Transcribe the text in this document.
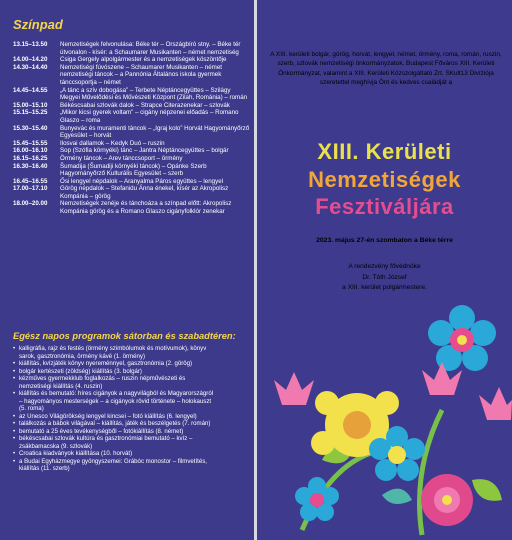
Színpad
13.15–13.50	Nemzetiségek felvonulása: Béke tér – Országbíró stny. – Béke tér útvonalon - kísér: a Schaumarer Musikanten – német nemzetiség
14.00–14.20	Csiga Gergely alpolgármester és a nemzetiségek köszöntője
14.30–14.40	Nemzetiségi fúvószene – Schaumarer Musikanten – német nemzetiségi táncok – a Pannónia Általános iskola gyermek tánccsoportja – német
14.45–14.55	„A tánc a szív dobogása” – Terbete Néptáncegyüttes – Szilágy Megyei Művelődési és Művészeti Központ (Zilah, Románia) – román
15.00–15.10	Békéscsabai szlovák dalok – Strapce Citerazenekar – szlovák
15.15–15.25	„Mikor kicsi gyerek voltam” – cigány népzenei előadás – Romano Glaszo – roma
15.30–15.40	Bunyevác és muramenti táncok – „Igraj kolo” Horvát Hagyományőrző Egyesület – horvát
15.45–15.55	Ilosvai dallamok – Kedyk Duó – ruszin
16.00–16.10	Sop (Szófia környéki) tánc – Jantra Néptáncegyüttes – bolgár
16.15–16.25	Örmény táncok – Arev tánccsoport – örmény
16.30–16.40	Šumadija (Šumadiji környéki táncok) – Opánke Szerb Hagyományőrző Kulturális Egyesület – szerb
16.45–16.55	Ősi lengyel népdalok – Aranyalma Páros együttes – lengyel
17.00–17.10	Görög népdalok – Stefanidu Ánna énekel, kísér az Akropolisz Kompánia – görög
18.00–20.00	Nemzetiségek zenéje és tánchoáza a színpad előtt: Akropolisz Kompánia görög és a Romano Glaszo cigányfolklór zenekar
Egész napos programok sátorban és szabadtéren:
• kalligráfia, rajz és festés (örmény szimbólumok és motívumok), könyv sarok, gasztronómia, örmény kávé (1. örmény)
• kiállítás, kvízjáték könyv nyereménnyel, gasztronómia (2. görög)
• bolgár kertészeti (zöldség) kiállítás (3. bolgár)
• kézműves gyermekklub foglalkozás – ruszin népművészeti és nemzetiségi kiállítás (4. ruszin)
• kiállítás és bemutató: híres cigányok a nagyvilágból és Magyarországról – hagyományos mesterségek – a cigányok rövid története – holokauszt (5. roma)
• az Unesco Világörökség lengyel kincsei – fotó kiállítás (6. lengyel)
• találkozás a bábok világával – kiállítás, játék és beszélgetés (7. román)
• bemutató a 25 éves tevékenységből – fotókiállítás (8. német)
• békéscsabai szlovák kultúra és gasztronómiai bemutató – kvíz – zsákbamacska (9. szlovák)
• Croatica kiadványok kiállítása (10. horvát)
• a Budai Egyházmegye gyöngyszemei: Grábóc monostor – filmvetítés, kiállítás (11. szerb)
A XIII. kerületi bolgár, görög, horvát, lengyel, német, örmény, roma, román, ruszin, szerb, szlovák nemzetiségi önkormányzatok, Budapest Főváros XIII. Kerületi Önkormányzat, valamint a XIII. Kerületi Közszolgáltató Zrt. SKult13 Divíziója szeretettel meghívja Önt és kedves családját a
XIII. Kerületi
Nemzetiségek
Fesztiváljára
2023. május 27-én szombaton a Béke térre
A rendezvény fővédnöke
Dr. Tóth József
a XIII. kerület polgármestere.
